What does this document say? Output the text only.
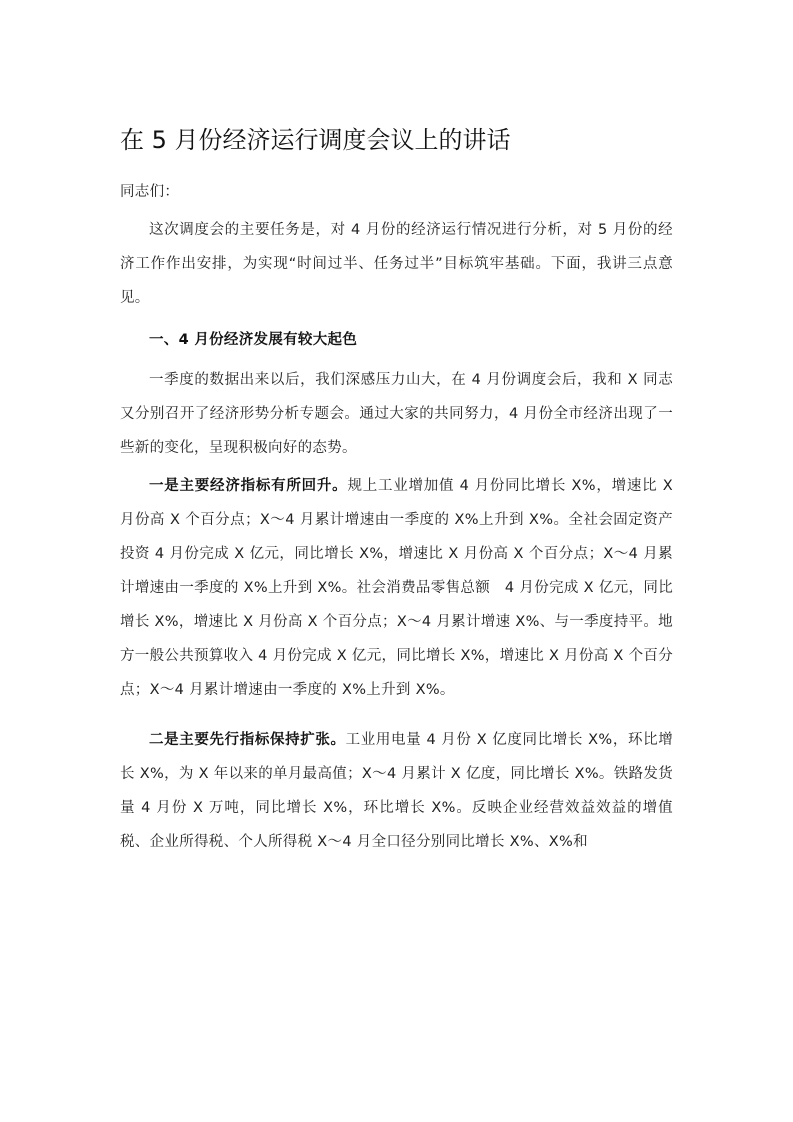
在 5 月份经济运行调度会议上的讲话

同志们：

这次调度会的主要任务是，对 4 月份的经济运行情况进行分析，对 5 月份的经济工作作出安排，为实现“时间过半、任务过半”目标筑牢基础。下面，我讲三点意见。

一、4 月份经济发展有较大起色

一季度的数据出来以后，我们深感压力山大，在 4 月份调度会后，我和 X 同志又分别召开了经济形势分析专题会。通过大家的共同努力，4 月份全市经济出现了一些新的变化，呈现积极向好的态势。

一是主要经济指标有所回升。规上工业增加值 4 月份同比增长 X%，增速比 X 月份高 X 个百分点；X～4 月累计增速由一季度的 X%上升到 X%。全社会固定资产投资 4 月份完成 X 亿元，同比增长 X%，增速比 X 月份高 X 个百分点；X～4 月累计增速由一季度的 X%上升到 X%。社会消费品零售总额　4 月份完成 X 亿元，同比增长 X%，增速比 X 月份高 X 个百分点；X～4 月累计增速 X%、与一季度持平。地方一般公共预算收入 4 月份完成 X 亿元，同比增长 X%，增速比 X 月份高 X 个百分点；X～4 月累计增速由一季度的 X%上升到 X%。

二是主要先行指标保持扩张。工业用电量 4 月份 X 亿度同比增长 X%，环比增长 X%，为 X 年以来的单月最高值；X～4 月累计 X 亿度，同比增长 X%。铁路发货量 4 月份 X 万吨，同比增长 X%，环比增长 X%。反映企业经营效益效益的增值税、企业所得税、个人所得税 X～4 月全口径分别同比增长 X%、X%和
